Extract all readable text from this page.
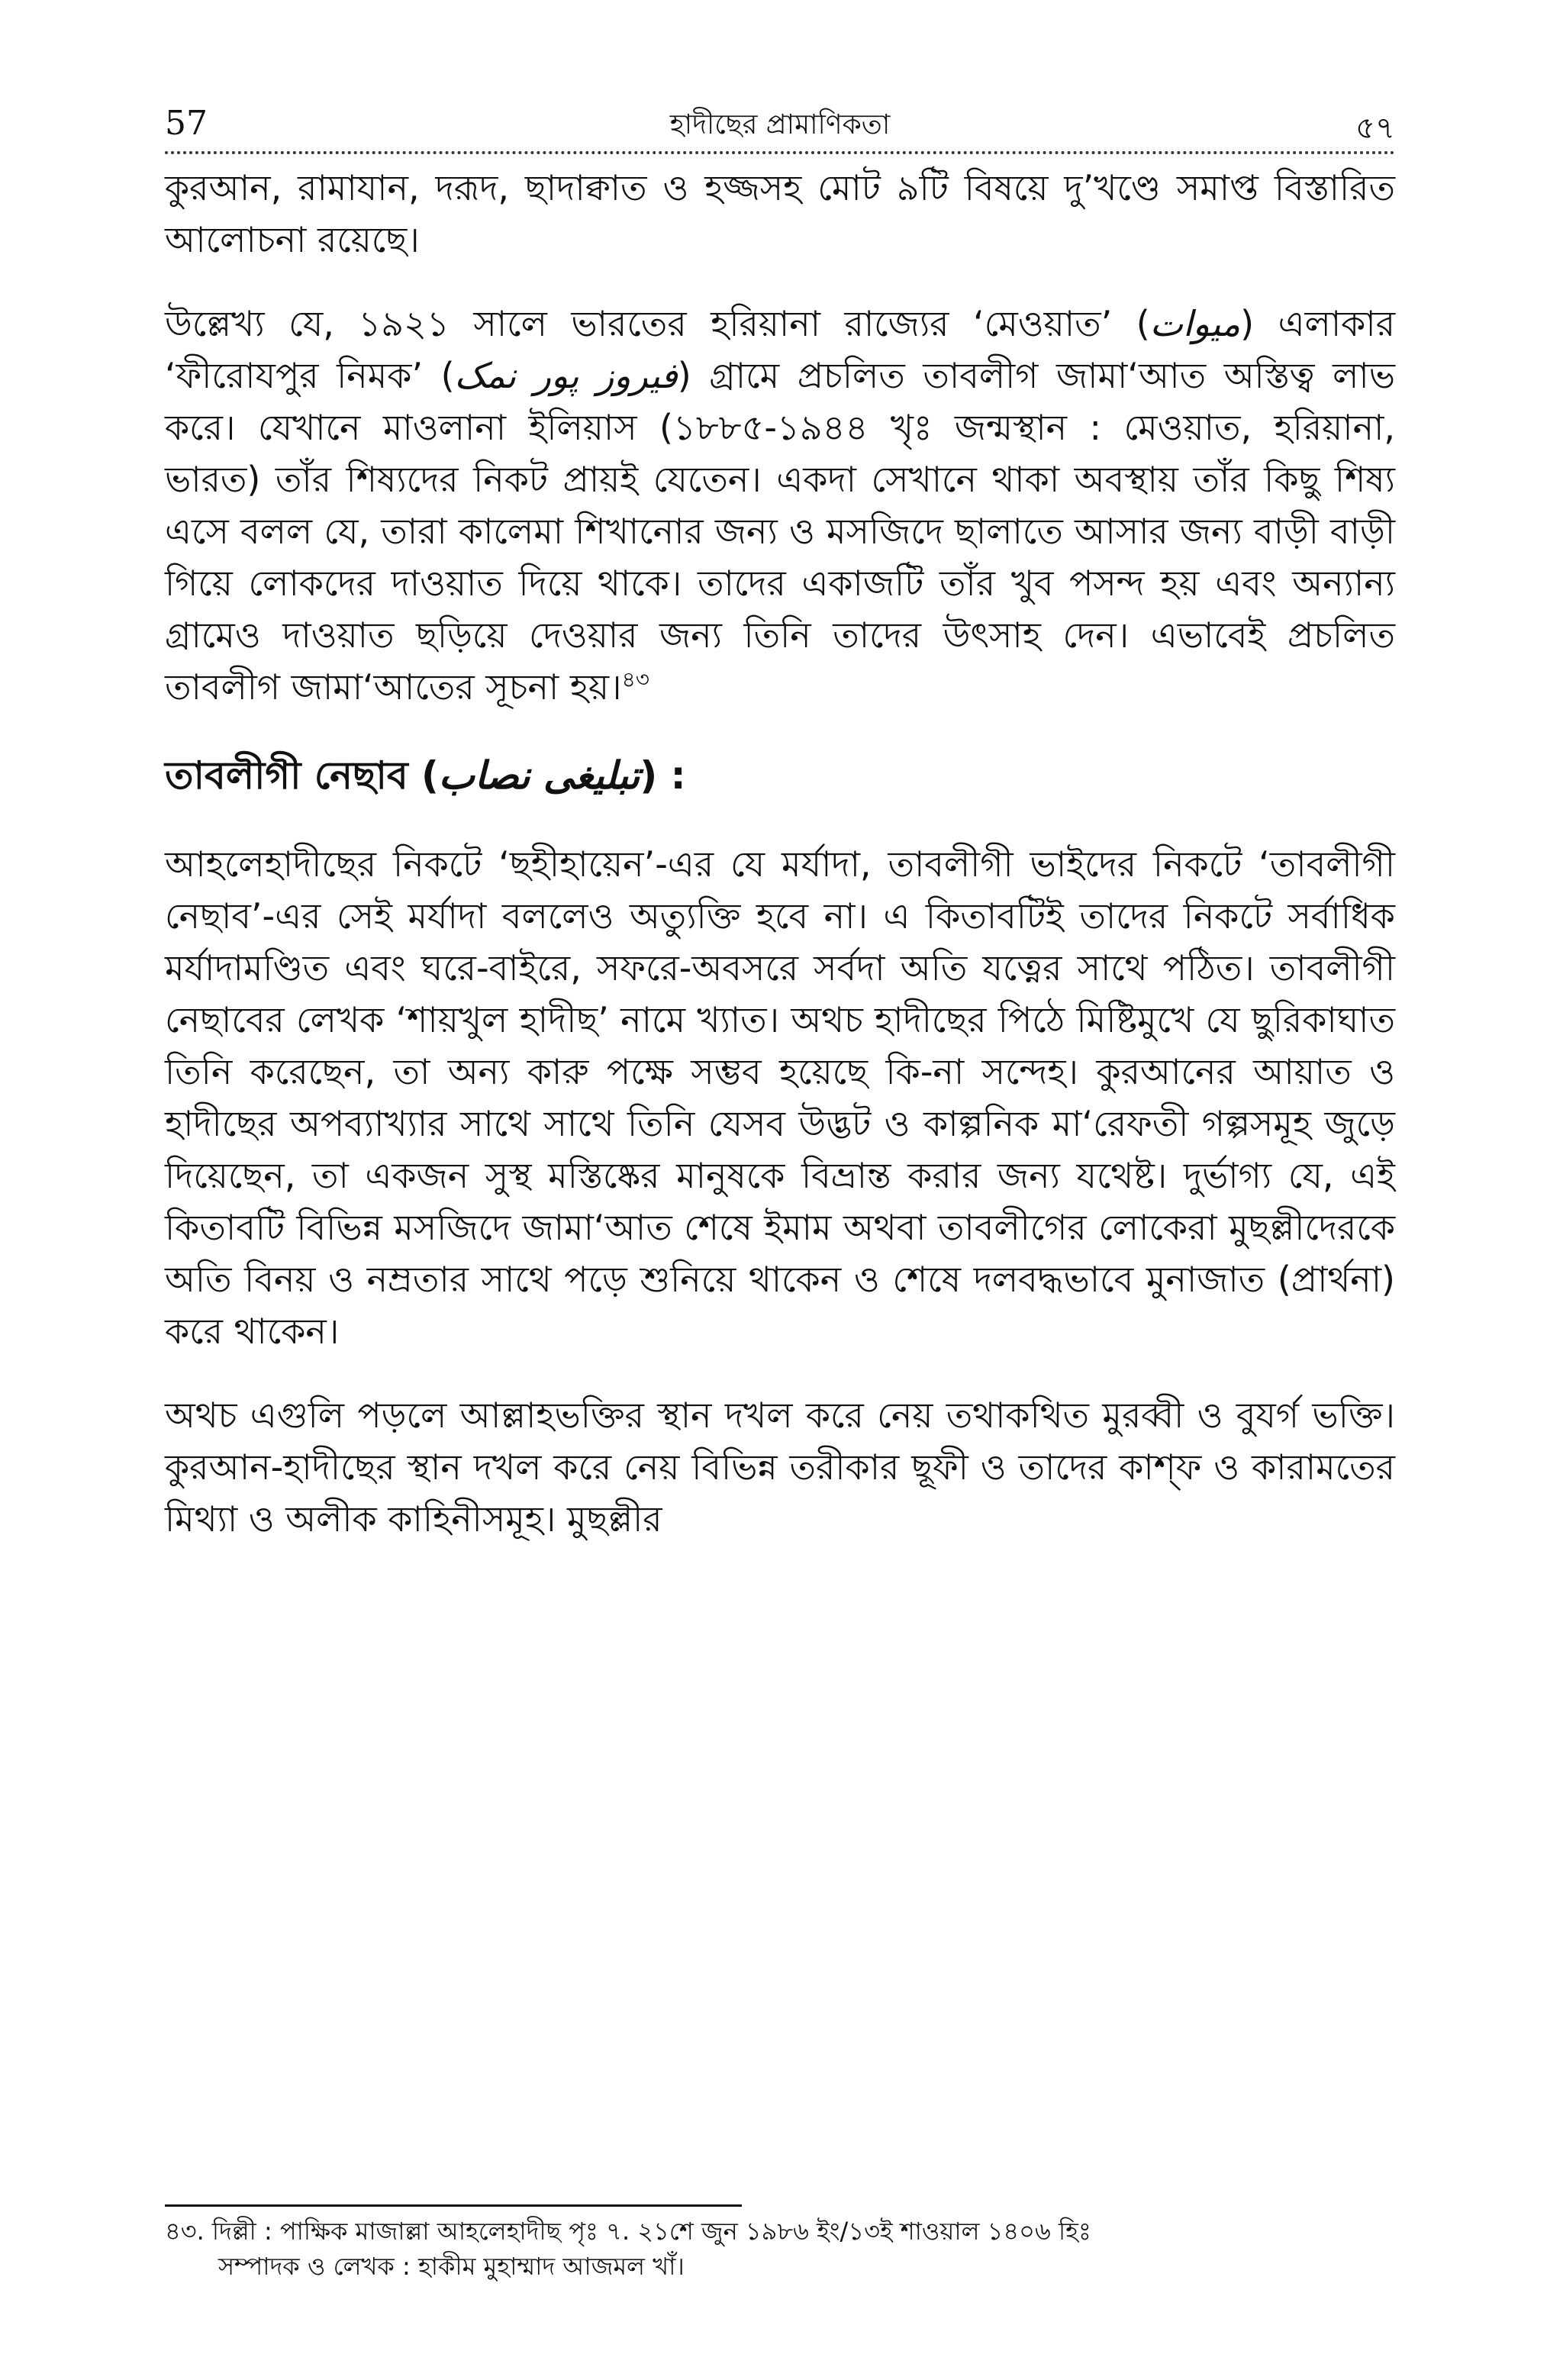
57	হাদীছের প্রামাণিকতা	৫৭

কুরআন, রামাযান, দরূদ, ছাদাক্বাত ও হজ্জসহ মোট ৯টি বিষয়ে দু’খণ্ডে সমাপ্ত বিস্তারিত আলোচনা রয়েছে।

উল্লেখ্য যে, ১৯২১ সালে ভারতের হরিয়ানা রাজ্যের ‘মেওয়াত’ (میوات) এলাকার ‘ফীরোযপুর নিমক’ (فیروز پور نمک) গ্রামে প্রচলিত তাবলীগ জামা‘আত অস্তিত্ব লাভ করে। যেখানে মাওলানা ইলিয়াস (১৮৮৫-১৯৪৪ খৃঃ জন্মস্থান : মেওয়াত, হরিয়ানা, ভারত) তাঁর শিষ্যদের নিকট প্রায়ই যেতেন। একদা সেখানে থাকা অবস্থায় তাঁর কিছু শিষ্য এসে বলল যে, তারা কালেমা শিখানোর জন্য ও মসজিদে ছালাতে আসার জন্য বাড়ী বাড়ী গিয়ে লোকদের দাওয়াত দিয়ে থাকে। তাদের একাজটি তাঁর খুব পসন্দ হয় এবং অন্যান্য গ্রামেও দাওয়াত ছড়িয়ে দেওয়ার জন্য তিনি তাদের উৎসাহ দেন। এভাবেই প্রচলিত তাবলীগ জামা‘আতের সূচনা হয়।$^{৪৩}$

তাবলীগী নেছাব (تبلیغی نصاب) :

আহলেহাদীছের নিকটে ‘ছহীহায়েন’-এর যে মর্যাদা, তাবলীগী ভাইদের নিকটে ‘তাবলীগী নেছাব’-এর সেই মর্যাদা বললেও অত্যুক্তি হবে না। এ কিতাবটিই তাদের নিকটে সর্বাধিক মর্যাদামণ্ডিত এবং ঘরে-বাইরে, সফরে-অবসরে সর্বদা অতি যত্নের সাথে পঠিত। তাবলীগী নেছাবের লেখক ‘শায়খুল হাদীছ’ নামে খ্যাত। অথচ হাদীছের পিঠে মিষ্টিমুখে যে ছুরিকাঘাত তিনি করেছেন, তা অন্য কারু পক্ষে সম্ভব হয়েছে কি-না সন্দেহ। কুরআনের আয়াত ও হাদীছের অপব্যাখ্যার সাথে সাথে তিনি যেসব উদ্ভট ও কাল্পনিক মা‘রেফতী গল্পসমূহ জুড়ে দিয়েছেন, তা একজন সুস্থ মস্তিষ্কের মানুষকে বিভ্রান্ত করার জন্য যথেষ্ট। দুর্ভাগ্য যে, এই কিতাবটি বিভিন্ন মসজিদে জামা‘আত শেষে ইমাম অথবা তাবলীগের লোকেরা মুছল্লীদেরকে অতি বিনয় ও নম্রতার সাথে পড়ে শুনিয়ে থাকেন ও শেষে দলবদ্ধভাবে মুনাজাত (প্রার্থনা) করে থাকেন।

অথচ এগুলি পড়লে আল্লাহভক্তির স্থান দখল করে নেয় তথাকথিত মুরব্বী ও বুযর্গ ভক্তি। কুরআন-হাদীছের স্থান দখল করে নেয় বিভিন্ন তরীকার ছূফী ও তাদের কাশ্‌ফ ও কারামতের মিথ্যা ও অলীক কাহিনীসমূহ। মুছল্লীর

৪৩. দিল্লী : পাক্ষিক মাজাল্লা আহলেহাদীছ পৃঃ ৭. ২১শে জুন ১৯৮৬ ইং/১৩ই শাওয়াল ১৪০৬ হিঃ

সম্পাদক ও লেখক : হাকীম মুহাম্মাদ আজমল খাঁ।
